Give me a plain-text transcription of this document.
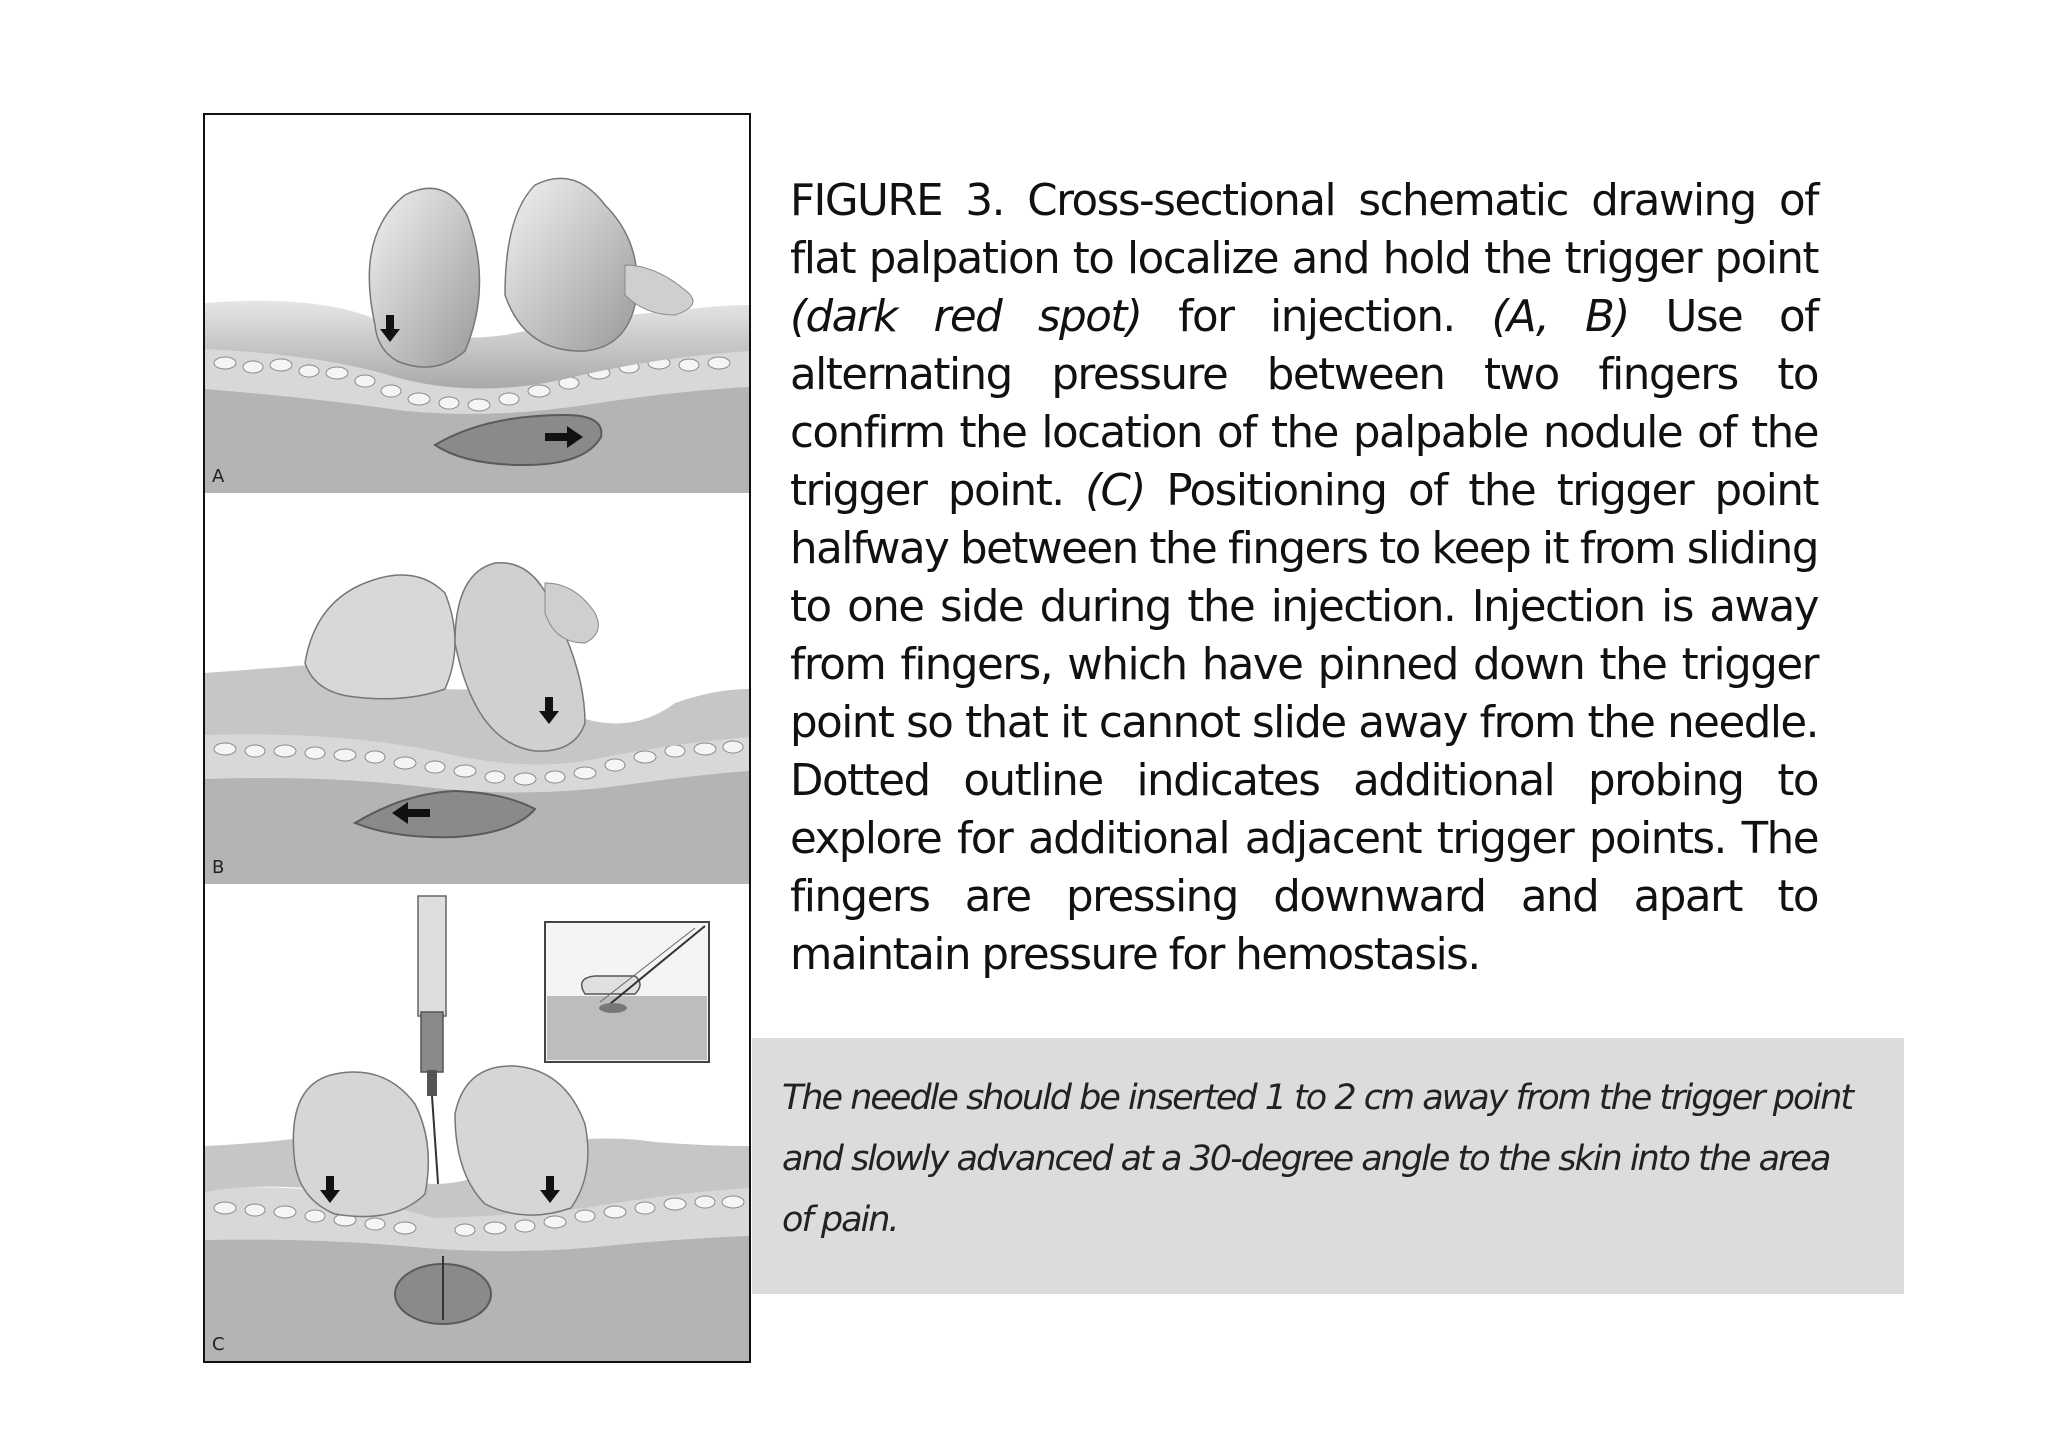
A
B
C

FIGURE 3. Cross-sectional schematic drawing of flat palpation to localize and hold the trigger point (dark red spot) for injection. (A, B) Use of alternating pressure between two fingers to confirm the location of the palpable nodule of the trigger point. (C) Positioning of the trigger point halfway between the fingers to keep it from sliding to one side during the injection. Injection is away from fingers, which have pinned down the trigger point so that it cannot slide away from the needle. Dotted outline indicates additional probing to explore for additional adjacent trigger points. The fingers are pressing downward and apart to maintain pressure for hemostasis.

The needle should be inserted 1 to 2 cm away from the trigger point and slowly advanced at a 30-degree angle to the skin into the area of pain.
